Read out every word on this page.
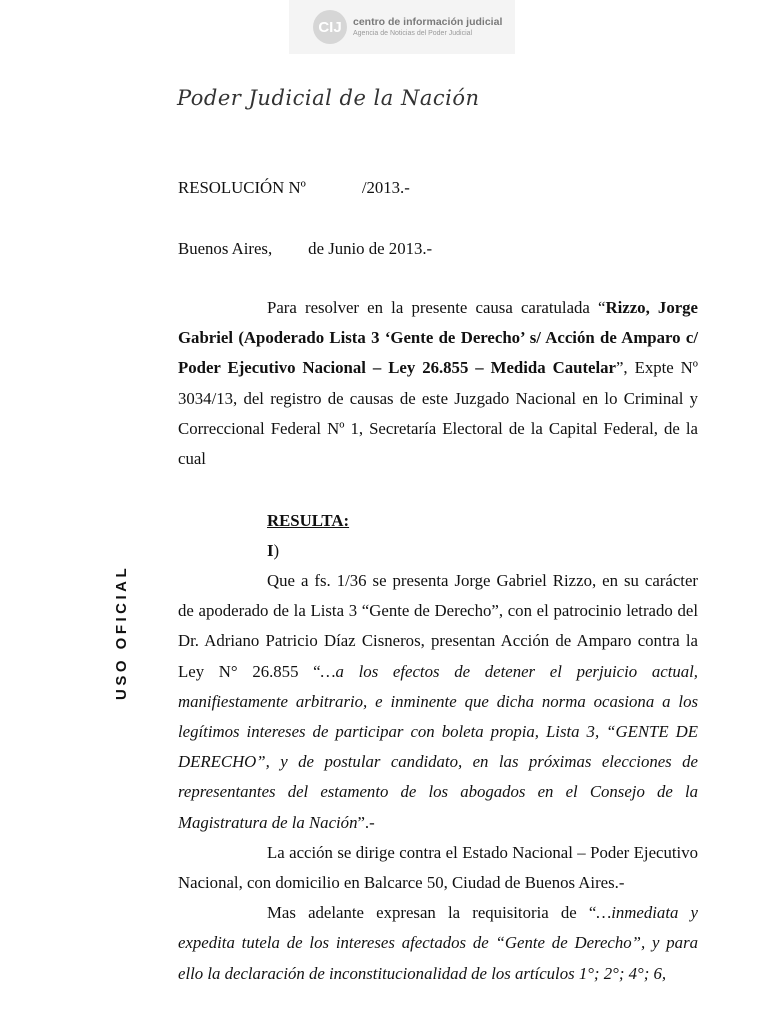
CIJ	centro de información judicial
Agencia de Noticias del Poder Judicial
Poder Judicial de la Nación
USO OFICIAL
RESOLUCIÓN Nº	/2013.-
Buenos Aires, de Junio de 2013.-

Para resolver en la presente causa caratulada “Rizzo, Jorge Gabriel (Apoderado Lista 3 ‘Gente de Derecho’ s/ Acción de Amparo c/ Poder Ejecutivo Nacional – Ley 26.855 – Medida Cautelar”, Expte Nº 3034/13, del registro de causas de este Juzgado Nacional en lo Criminal y Correccional Federal Nº 1, Secretaría Electoral de la Capital Federal, de la cual

RESULTA:
I)

Que a fs. 1/36 se presenta Jorge Gabriel Rizzo, en su carácter de apoderado de la Lista 3 “Gente de Derecho”, con el patrocinio letrado del Dr. Adriano Patricio Díaz Cisneros, presentan Acción de Amparo contra la Ley N° 26.855 “…a los efectos de detener el perjuicio actual, manifiestamente arbitrario, e inminente que dicha norma ocasiona a los legítimos intereses de participar con boleta propia, Lista 3, “GENTE DE DERECHO”, y de postular candidato, en las próximas elecciones de representantes del estamento de los abogados en el Consejo de la Magistratura de la Nación”.-

La acción se dirige contra el Estado Nacional – Poder Ejecutivo Nacional, con domicilio en Balcarce 50, Ciudad de Buenos Aires.-

Mas adelante expresan la requisitoria de “…inmediata y expedita tutela de los intereses afectados de “Gente de Derecho”, y para ello la declaración de inconstitucionalidad de los artículos 1°; 2°; 4°; 6,
